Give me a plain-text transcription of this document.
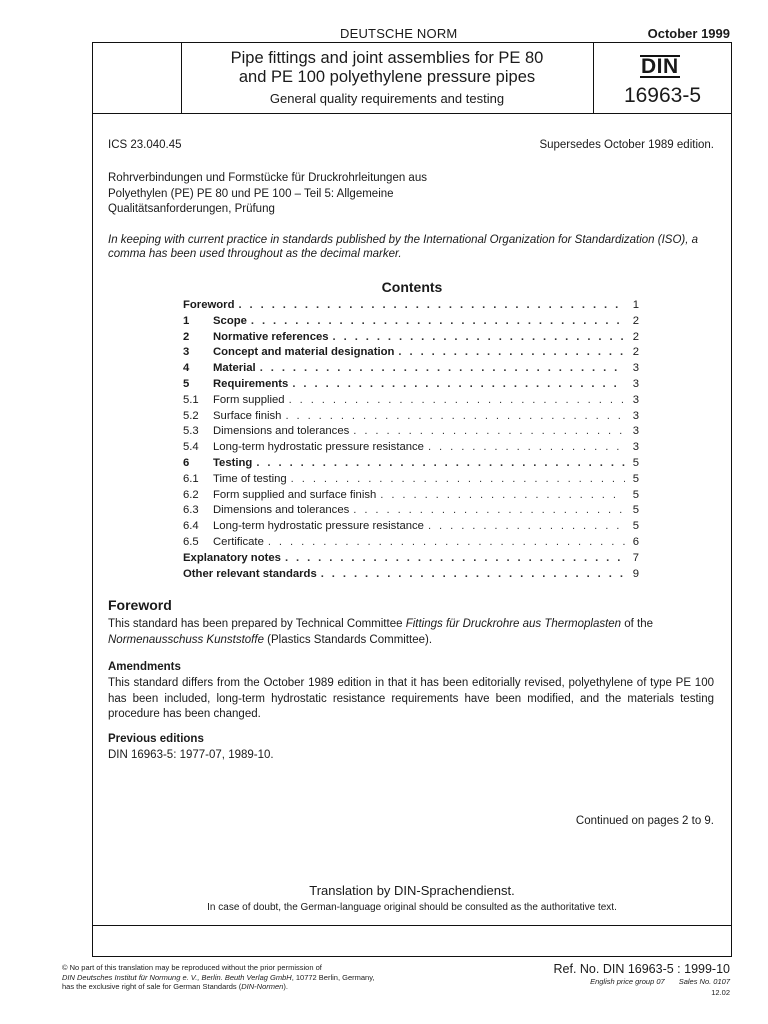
DEUTSCHE NORM	October 1999
Pipe fittings and joint assemblies for PE 80
and PE 100 polyethylene pressure pipes
General quality requirements and testing
DIN
16963-5
ICS 23.040.45	Supersedes October 1989 edition.
Rohrverbindungen und Formstücke für Druckrohrleitungen aus
Polyethylen (PE) PE 80 und PE 100 – Teil 5: Allgemeine
Qualitätsanforderungen, Prüfung
In keeping with current practice in standards published by the International Organization for Standardization (ISO), a comma has been used throughout as the decimal marker.
Contents
Foreword . . .	1
1	Scope . . .	2
2	Normative references . . .	2
3	Concept and material designation . . .	2
4	Material . . .	3
5	Requirements . . .	3
5.1	Form supplied . . .	3
5.2	Surface finish . . .	3
5.3	Dimensions and tolerances . . .	3
5.4	Long-term hydrostatic pressure resistance . . .	3
6	Testing . . .	5
6.1	Time of testing . . .	5
6.2	Form supplied and surface finish . . .	5
6.3	Dimensions and tolerances . . .	5
6.4	Long-term hydrostatic pressure resistance . . .	5
6.5	Certificate . . .	6
Explanatory notes . . .	7
Other relevant standards . . .	9
Foreword
This standard has been prepared by Technical Committee Fittings für Druckrohre aus Thermoplasten of the
Normenausschuss Kunststoffe (Plastics Standards Committee).
Amendments
This standard differs from the October 1989 edition in that it has been editorially revised, polyethylene of type PE 100 has been included, long-term hydrostatic resistance requirements have been modified, and the materials testing procedure has been changed.
Previous editions
DIN 16963-5: 1977-07, 1989-10.
Continued on pages 2 to 9.
Translation by DIN-Sprachendienst.
In case of doubt, the German-language original should be consulted as the authoritative text.
© No part of this translation may be reproduced without the prior permission of
DIN Deutsches Institut für Normung e. V., Berlin. Beuth Verlag GmbH, 10772 Berlin, Germany,
has the exclusive right of sale for German Standards (DIN-Normen).
Ref. No. DIN 16963-5 : 1999-10
English price group 07 Sales No. 0107
12.02
